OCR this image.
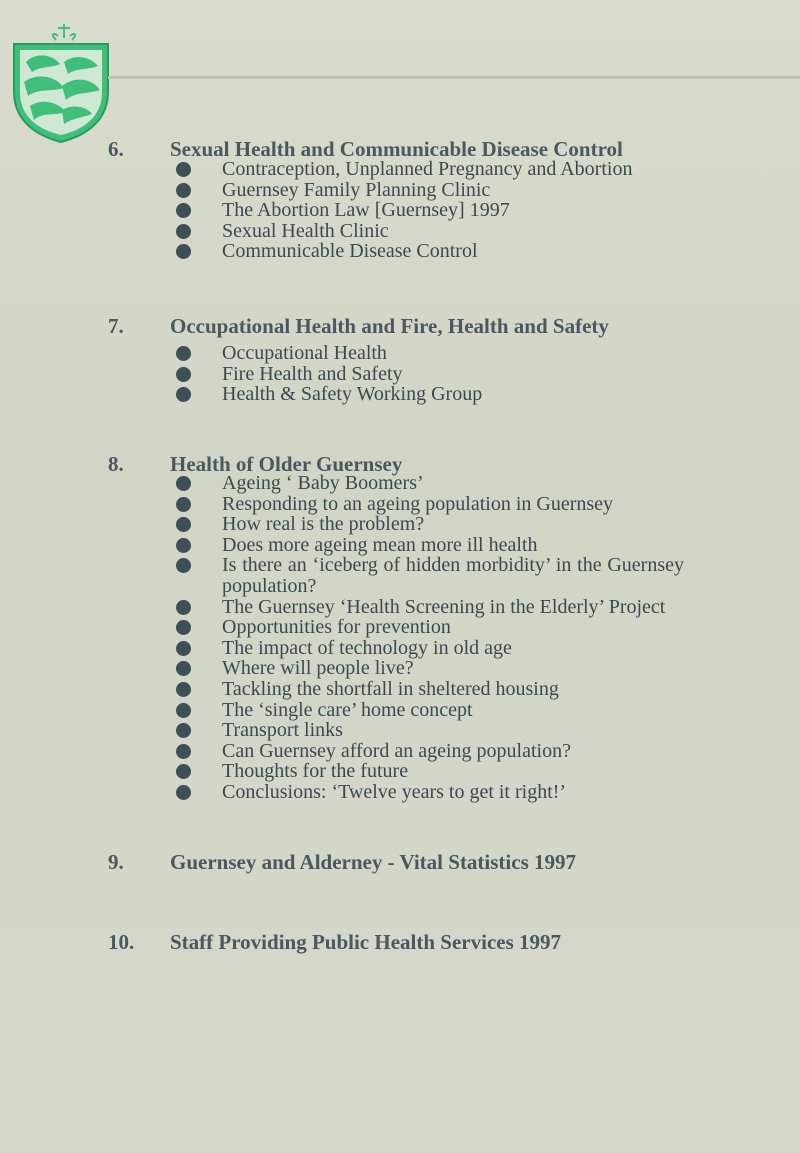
6. Sexual Health and Communicable Disease Control
Contraception, Unplanned Pregnancy and Abortion
Guernsey Family Planning Clinic
The Abortion Law [Guernsey] 1997
Sexual Health Clinic
Communicable Disease Control
7. Occupational Health and Fire, Health and Safety
Occupational Health
Fire Health and Safety
Health & Safety Working Group
8. Health of Older Guernsey
Ageing ‘ Baby Boomers’
Responding to an ageing population in Guernsey
How real is the problem?
Does more ageing mean more ill health
Is there an ‘iceberg of hidden morbidity’ in the Guernsey population?
The Guernsey ‘Health Screening in the Elderly’ Project
Opportunities for prevention
The impact of technology in old age
Where will people live?
Tackling the shortfall in sheltered housing
The ‘single care’ home concept
Transport links
Can Guernsey afford an ageing population?
Thoughts for the future
Conclusions: ‘Twelve years to get it right!’
9. Guernsey and Alderney - Vital Statistics 1997
10. Staff Providing Public Health Services 1997
